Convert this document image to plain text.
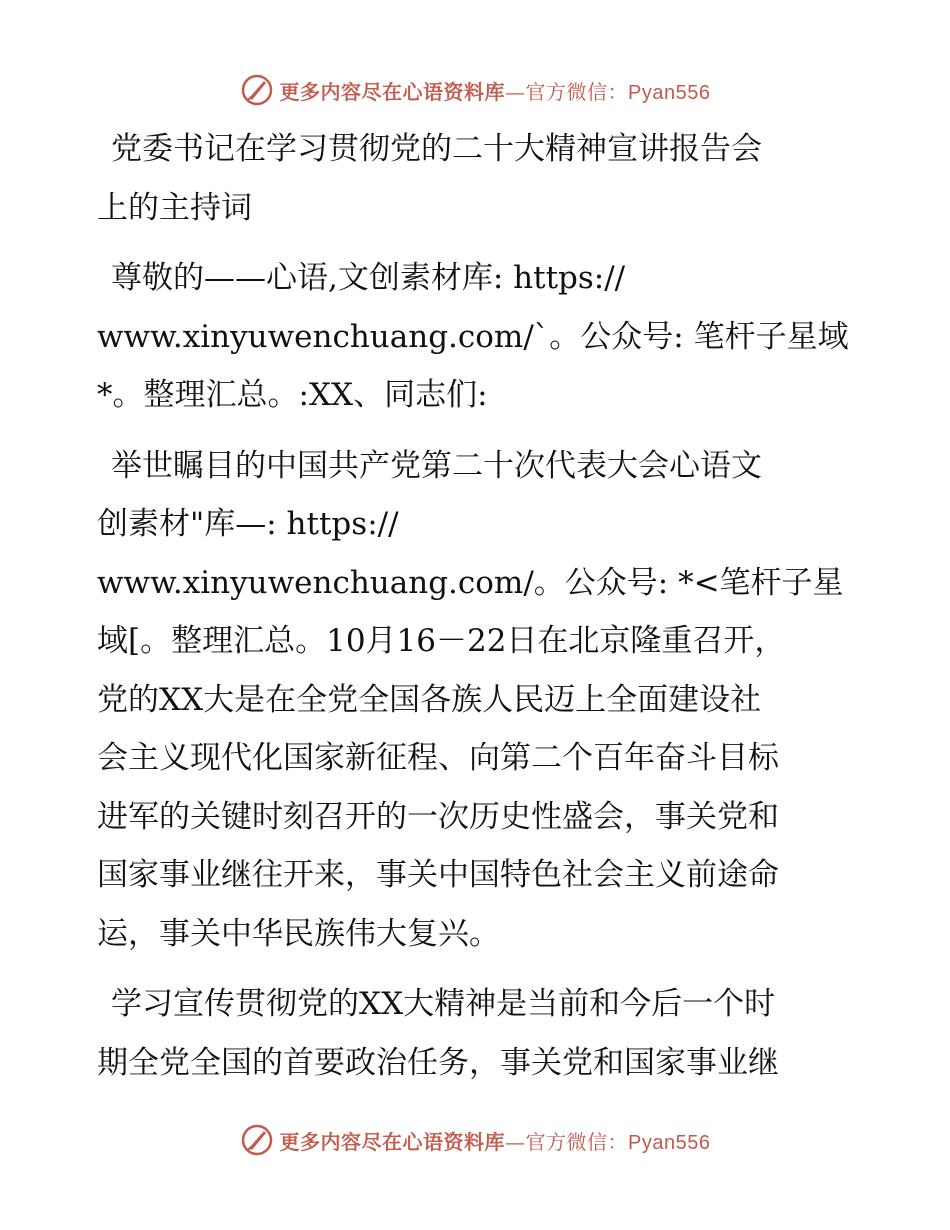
更多内容尽在心语资料库—官方微信：Pyan556
党委书记在学习贯彻党的二十大精神宣讲报告会
上的主持词
尊敬的——心语,文创素材库: https://
www.xinyuwenchuang.com/`。公众号: 笔杆子星域
*。整理汇总。:XX、同志们:
举世瞩目的中国共产党第二十次代表大会心语文
创素材"库—: https://
www.xinyuwenchuang.com/。公众号: *<笔杆子星
域[。整理汇总。10月16－22日在北京隆重召开，
党的XX大是在全党全国各族人民迈上全面建设社
会主义现代化国家新征程、向第二个百年奋斗目标
进军的关键时刻召开的一次历史性盛会，事关党和
国家事业继往开来，事关中国特色社会主义前途命
运，事关中华民族伟大复兴。
学习宣传贯彻党的XX大精神是当前和今后一个时
期全党全国的首要政治任务，事关党和国家事业继
更多内容尽在心语资料库—官方微信：Pyan556
